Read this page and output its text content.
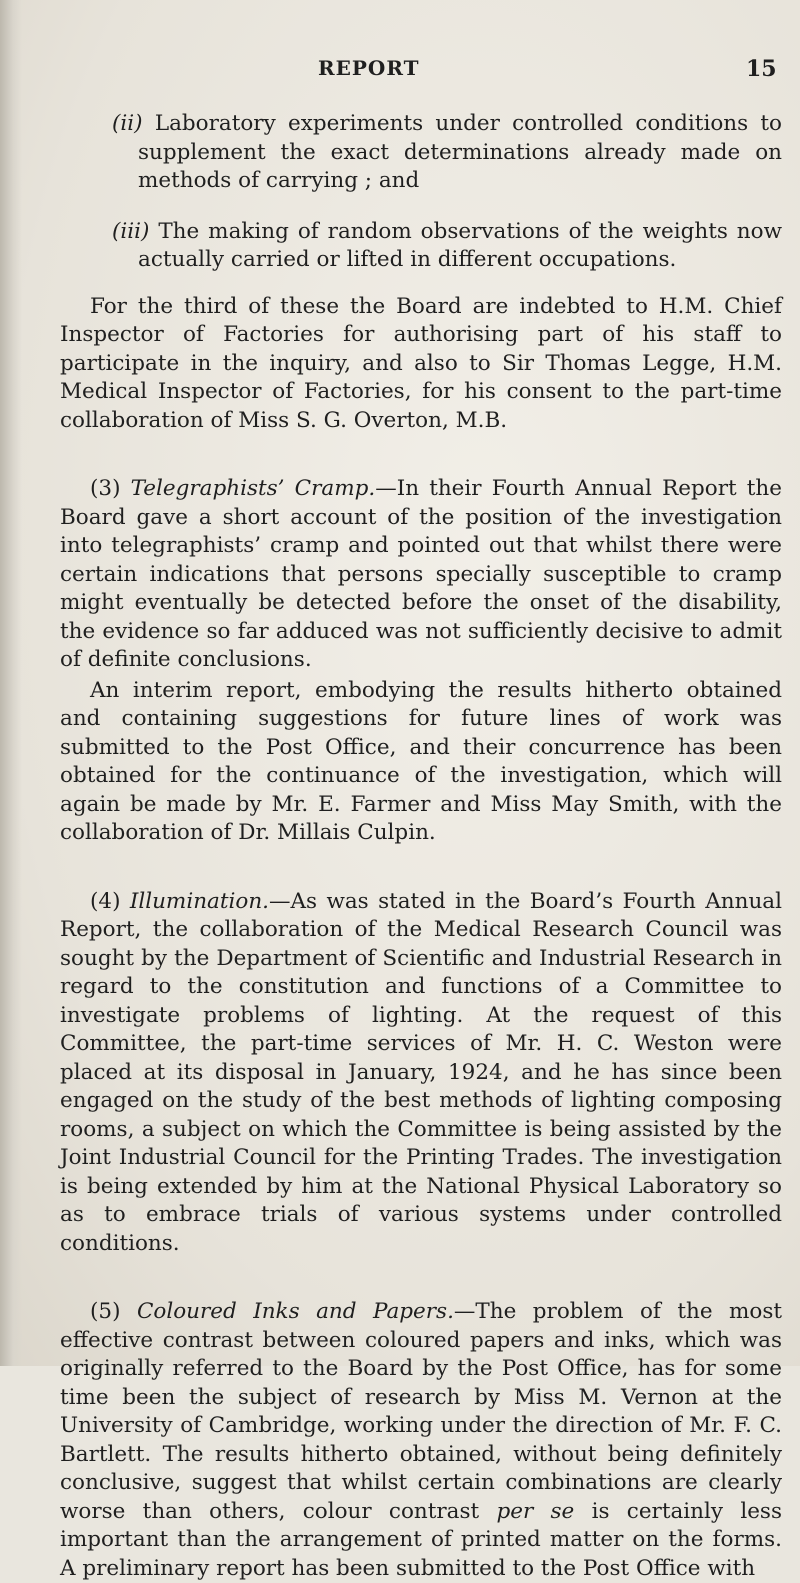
REPORT	15

(ii) Laboratory experiments under controlled conditions to supplement the exact determinations already made on methods of carrying ; and

(iii) The making of random observations of the weights now actually carried or lifted in different occupations.

For the third of these the Board are indebted to H.M. Chief Inspector of Factories for authorising part of his staff to participate in the inquiry, and also to Sir Thomas Legge, H.M. Medical Inspector of Factories, for his consent to the part-time collaboration of Miss S. G. Overton, M.B.

(3) Telegraphists’ Cramp.—In their Fourth Annual Report the Board gave a short account of the position of the investigation into telegraphists’ cramp and pointed out that whilst there were certain indications that persons specially susceptible to cramp might eventually be detected before the onset of the disability, the evidence so far adduced was not sufficiently decisive to admit of definite conclusions.

An interim report, embodying the results hitherto obtained and containing suggestions for future lines of work was submitted to the Post Office, and their concurrence has been obtained for the continuance of the investigation, which will again be made by Mr. E. Farmer and Miss May Smith, with the collaboration of Dr. Millais Culpin.

(4) Illumination.—As was stated in the Board’s Fourth Annual Report, the collaboration of the Medical Research Council was sought by the Department of Scientific and Industrial Research in regard to the constitution and functions of a Committee to investigate problems of lighting. At the request of this Committee, the part-time services of Mr. H. C. Weston were placed at its disposal in January, 1924, and he has since been engaged on the study of the best methods of lighting composing rooms, a subject on which the Committee is being assisted by the Joint Industrial Council for the Printing Trades. The investigation is being extended by him at the National Physical Laboratory so as to embrace trials of various systems under controlled conditions.

(5) Coloured Inks and Papers.—The problem of the most effective contrast between coloured papers and inks, which was originally referred to the Board by the Post Office, has for some time been the subject of research by Miss M. Vernon at the University of Cambridge, working under the direction of Mr. F. C. Bartlett. The results hitherto obtained, without being definitely conclusive, suggest that whilst certain combinations are clearly worse than others, colour contrast per se is certainly less important than the arrangement of printed matter on the forms. A preliminary report has been submitted to the Post Office with
